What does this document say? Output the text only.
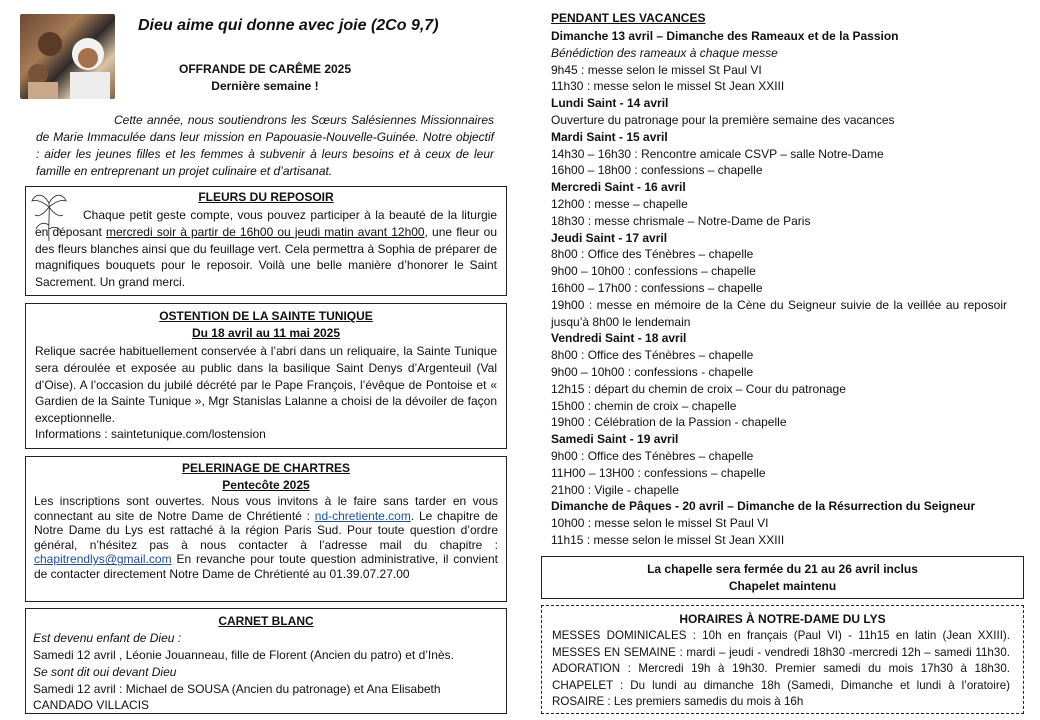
Dieu aime qui donne avec joie (2Co 9,7)
OFFRANDE DE CARÊME 2025
Dernière semaine !

Cette année, nous soutiendrons les Sœurs Salésiennes Missionnaires de Marie Immaculée dans leur mission en Papouasie-Nouvelle-Guinée. Notre objectif : aider les jeunes filles et les femmes à subvenir à leurs besoins et à ceux de leur famille en entreprenant un projet culinaire et d’artisanat.

FLEURS DU REPOSOIR

Chaque petit geste compte, vous pouvez participer à la beauté de la liturgie en déposant mercredi soir à partir de 16h00 ou jeudi matin avant 12h00, une fleur ou des fleurs blanches ainsi que du feuillage vert. Cela permettra à Sophia de préparer de magnifiques bouquets pour le reposoir. Voilà une belle manière d’honorer le Saint Sacrement. Un grand merci.

OSTENTION DE LA SAINTE TUNIQUE
Du 18 avril au 11 mai 2025

Relique sacrée habituellement conservée à l’abri dans un reliquaire, la Sainte Tunique sera déroulée et exposée au public dans la basilique Saint Denys d’Argenteuil (Val d’Oise). A l’occasion du jubilé décrété par le Pape François, l’évêque de Pontoise et « Gardien de la Sainte Tunique », Mgr Stanislas Lalanne a choisi de la dévoiler de façon exceptionnelle.

Informations : saintetunique.com/lostension
PELERINAGE DE CHARTRES
Pentecôte 2025

Les inscriptions sont ouvertes. Nous vous invitons à le faire sans tarder en vous connectant au site de Notre Dame de Chrétienté : nd-chretiente.com. Le chapitre de Notre Dame du Lys est rattaché à la région Paris Sud. Pour toute question d’ordre général, n’hésitez pas à nous contacter à l’adresse mail du chapitre : chapitrendlys@gmail.com En revanche pour toute question administrative, il convient de contacter directement Notre Dame de Chrétienté au 01.39.07.27.00

CARNET BLANC
Est devenu enfant de Dieu :
Samedi 12 avril , Léonie Jouanneau, fille de Florent (Ancien du patro) et d’Inès.
Se sont dit oui devant Dieu
Samedi 12 avril : Michael de SOUSA (Ancien du patronage) et Ana Elisabeth
CANDADO VILLACIS
PENDANT LES VACANCES
Dimanche 13 avril – Dimanche des Rameaux et de la Passion
Bénédiction des rameaux à chaque messe
9h45 : messe selon le missel St Paul VI
11h30 : messe selon le missel St Jean XXIII
Lundi Saint - 14 avril
Ouverture du patronage pour la première semaine des vacances
Mardi Saint - 15 avril
14h30 – 16h30 : Rencontre amicale CSVP – salle Notre-Dame
16h00 – 18h00 : confessions – chapelle
Mercredi Saint - 16 avril
12h00 : messe – chapelle
18h30 : messe chrismale – Notre-Dame de Paris
Jeudi Saint - 17 avril
8h00 : Office des Ténèbres – chapelle
9h00 – 10h00 : confessions – chapelle
16h00 – 17h00 : confessions – chapelle
19h00 : messe en mémoire de la Cène du Seigneur suivie de la veillée au reposoir jusqu’à 8h00 le lendemain
Vendredi Saint - 18 avril
8h00 : Office des Ténèbres – chapelle
9h00 – 10h00 : confessions - chapelle
12h15 : départ du chemin de croix – Cour du patronage
15h00 : chemin de croix – chapelle
19h00 : Célébration de la Passion - chapelle
Samedi Saint - 19 avril
9h00 : Office des Ténèbres – chapelle
11H00 – 13H00 : confessions – chapelle
21h00 : Vigile - chapelle
Dimanche de Pâques - 20 avril – Dimanche de la Résurrection du Seigneur
10h00 : messe selon le missel St Paul VI
11h15 : messe selon le missel St Jean XXIII
La chapelle sera fermée du 21 au 26 avril inclus
Chapelet maintenu
HORAIRES À NOTRE-DAME DU LYS

MESSES DOMINICALES : 10h en français (Paul VI) - 11h15 en latin (Jean XXIII). MESSES EN SEMAINE : mardi – jeudi - vendredi 18h30 -mercredi 12h – samedi 11h30. ADORATION : Mercredi 19h à 19h30. Premier samedi du mois 17h30 à 18h30. CHAPELET : Du lundi au dimanche 18h (Samedi, Dimanche et lundi à l’oratoire) ROSAIRE : Les premiers samedis du mois à 16h
